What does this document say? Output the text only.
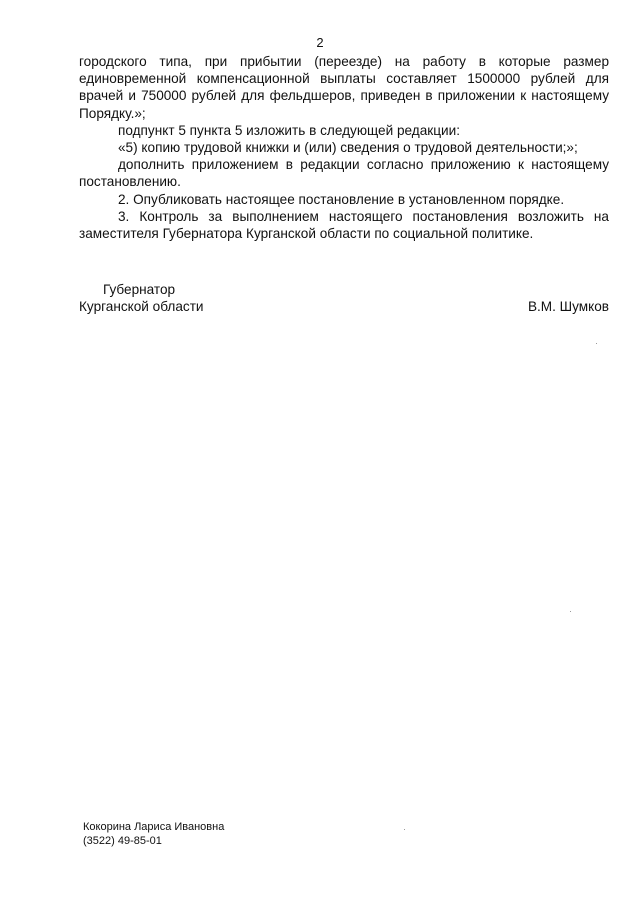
2

городского типа, при прибытии (переезде) на работу в которые размер единовременной компенсационной выплаты составляет 1500000 рублей для врачей и 750000 рублей для фельдшеров, приведен в приложении к настоящему Порядку.»;

подпункт 5 пункта 5 изложить в следующей редакции:

«5) копию трудовой книжки и (или) сведения о трудовой деятельности;»;

дополнить приложением в редакции согласно приложению к настоящему постановлению.

2. Опубликовать настоящее постановление в установленном порядке.

3. Контроль за выполнением настоящего постановления возложить на заместителя Губернатора Курганской области по социальной политике.

Губернатор
Курганской области	В.М. Шумков
Кокорина Лариса Ивановна
(3522) 49-85-01
